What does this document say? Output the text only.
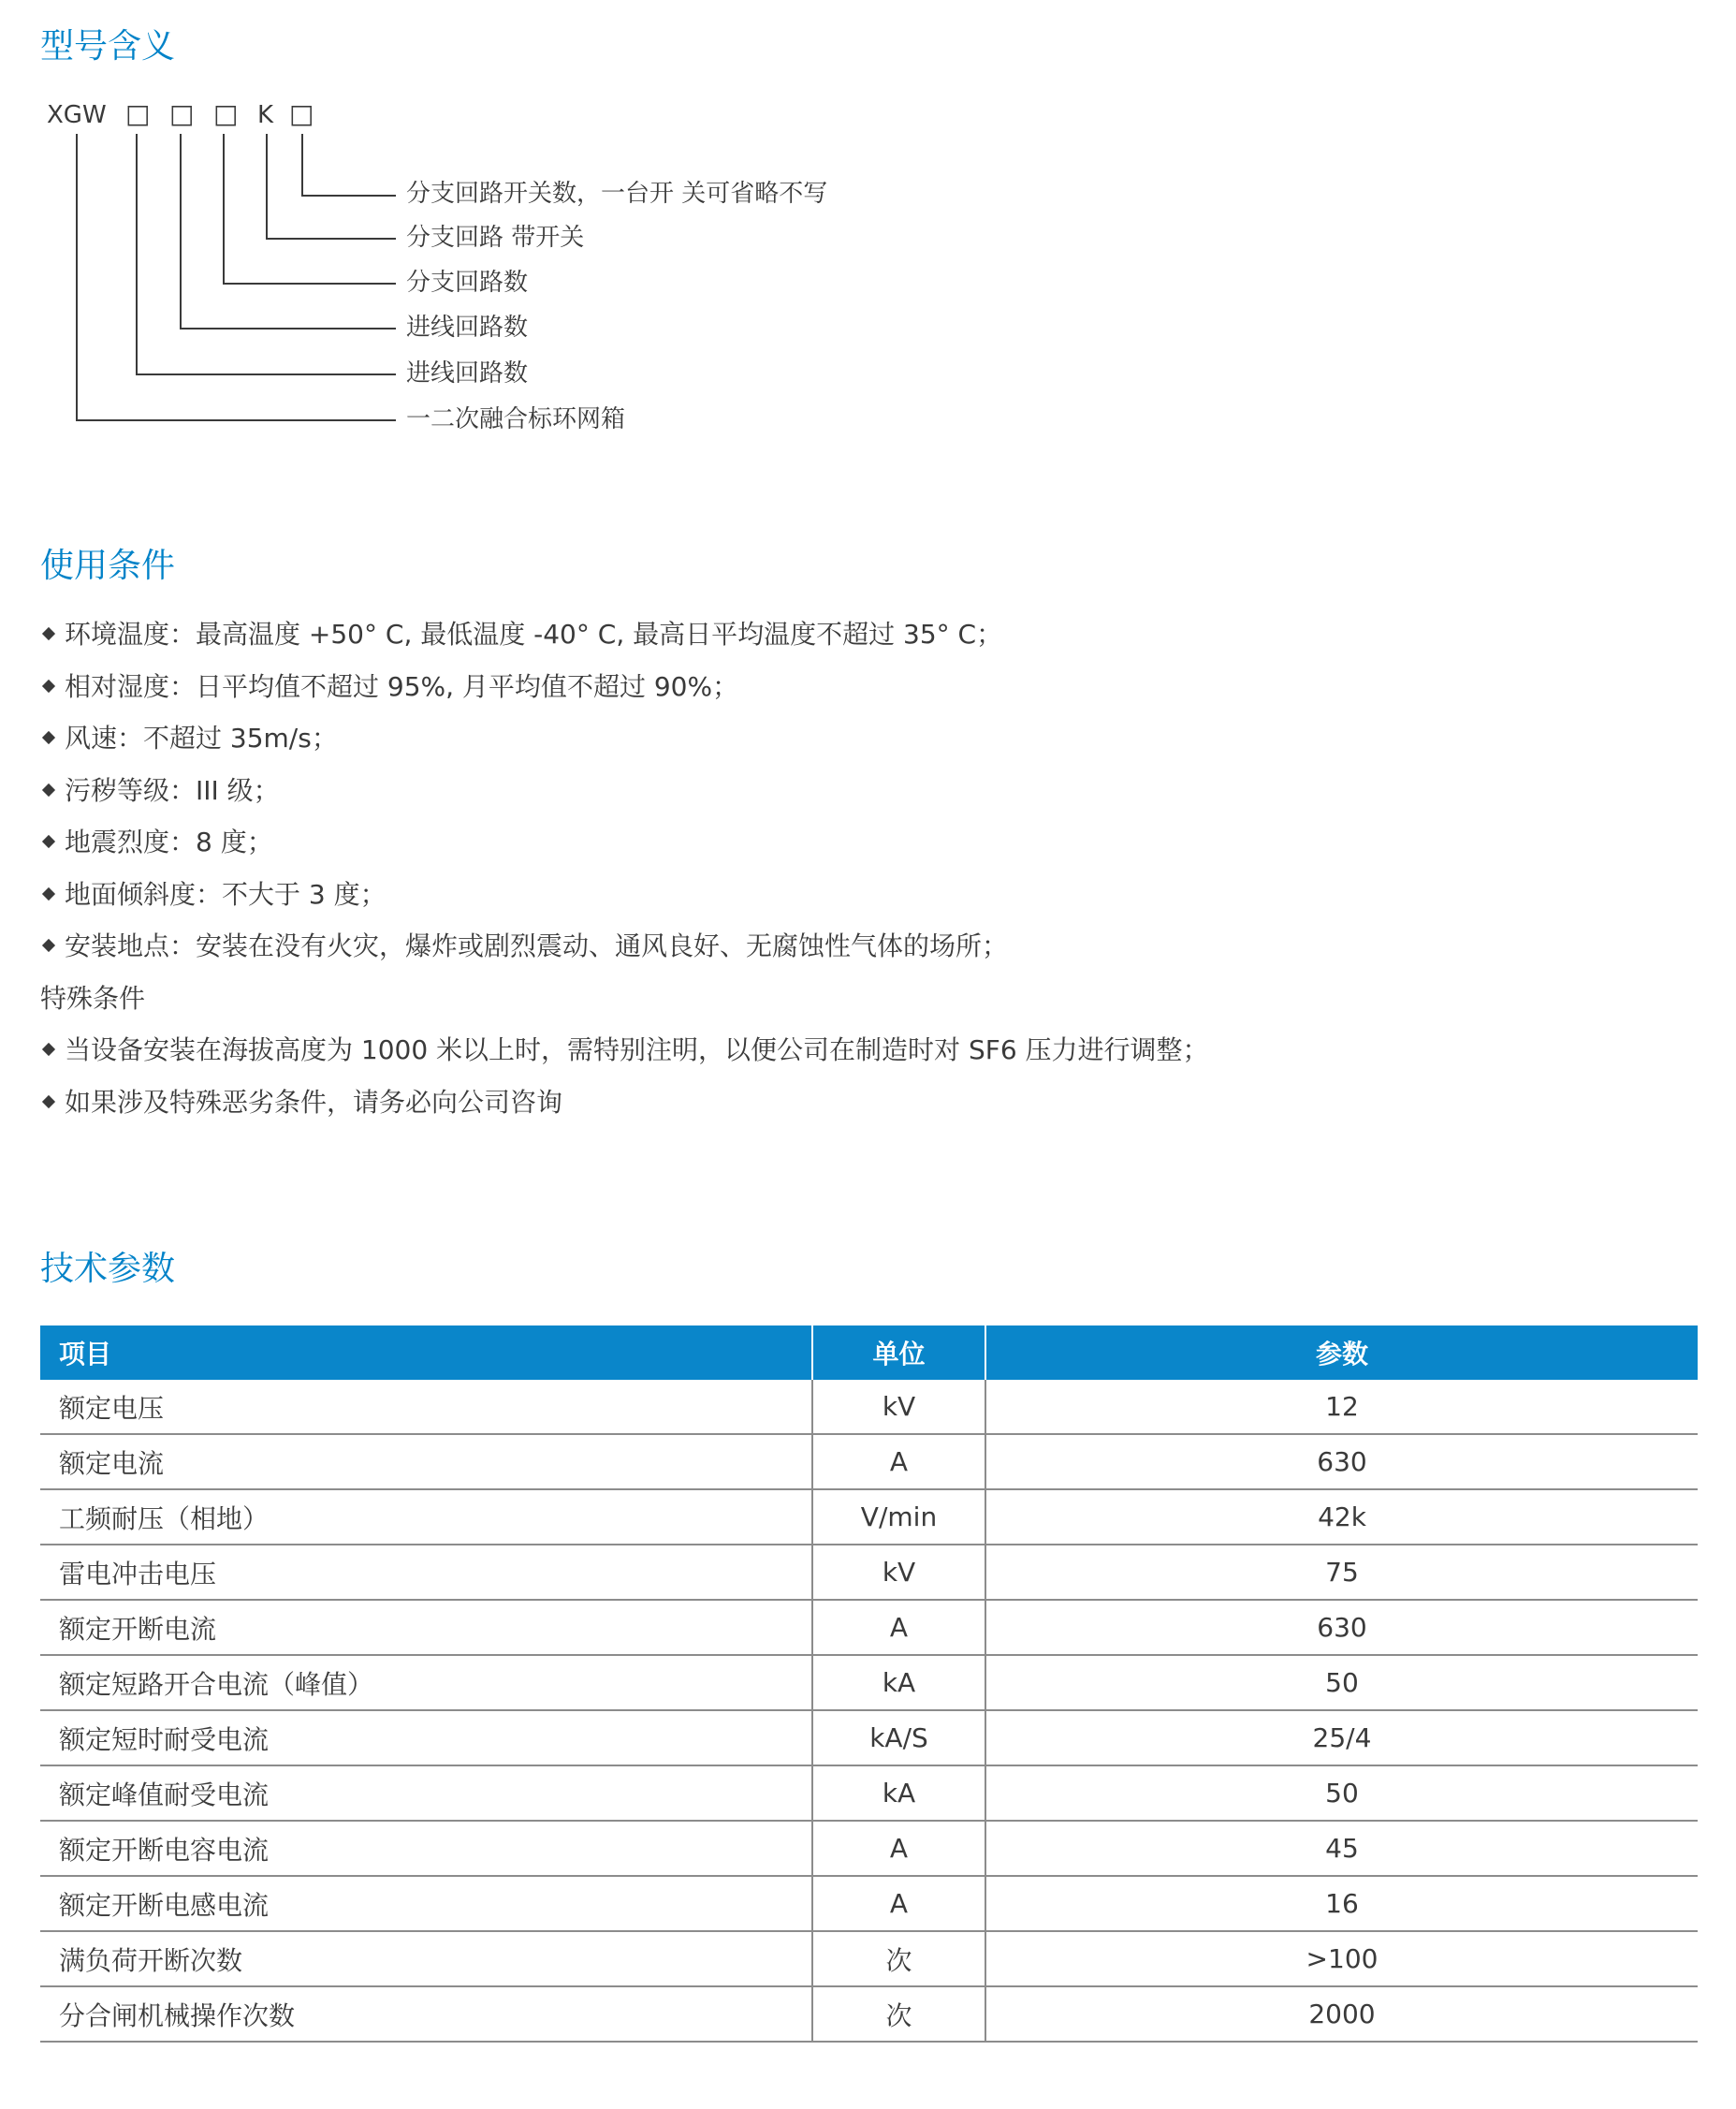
型号含义
XGW □ □ □ K □
分支回路开关数，一台开 关可省略不写
分支回路 带开关
分支回路数
进线回路数
进线回路数
一二次融合标环网箱
使用条件
环境温度：最高温度 +50° C, 最低温度 -40° C, 最高日平均温度不超过 35° C；
相对湿度：日平均值不超过 95%, 月平均值不超过 90%；
风速：不超过 35m/s；
污秽等级：III 级；
地震烈度：8 度；
地面倾斜度：不大于 3 度；
安装地点：安装在没有火灾，爆炸或剧烈震动、通风良好、无腐蚀性气体的场所；
特殊条件
当设备安装在海拔高度为 1000 米以上时，需特别注明，以便公司在制造时对 SF6 压力进行调整；
如果涉及特殊恶劣条件，请务必向公司咨询
技术参数
项目	单位	参数
额定电压	kV	12
额定电流	A	630
工频耐压（相地）	V/min	42k
雷电冲击电压	kV	75
额定开断电流	A	630
额定短路开合电流（峰值）	kA	50
额定短时耐受电流	kA/S	25/4
额定峰值耐受电流	kA	50
额定开断电容电流	A	45
额定开断电感电流	A	16
满负荷开断次数	次	>100
分合闸机械操作次数	次	2000
